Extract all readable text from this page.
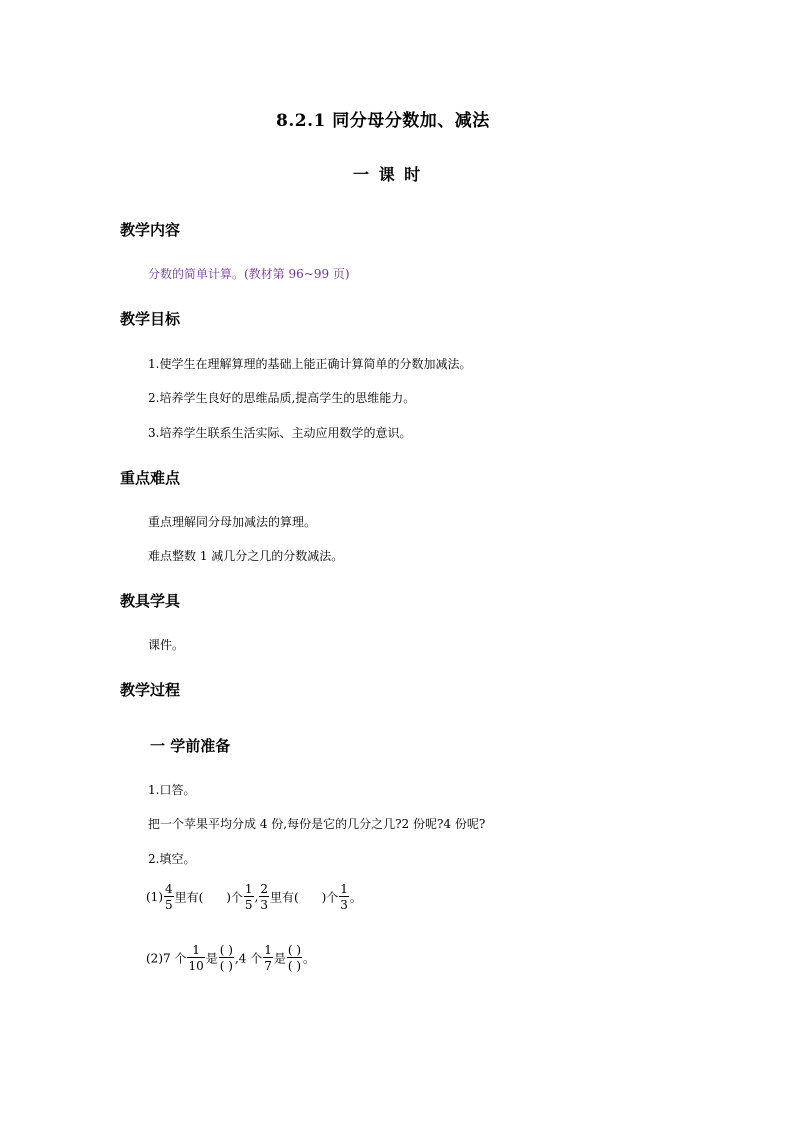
8.2.1 同分母分数加、减法
一 课 时
教学内容
分数的简单计算。(教材第 96~99 页)
教学目标
1.使学生在理解算理的基础上能正确计算简单的分数加减法。
2.培养学生良好的思维品质,提高学生的思维能力。
3.培养学生联系生活实际、主动应用数学的意识。
重点难点
重点理解同分母加减法的算理。
难点整数 1 减几分之几的分数减法。
教具学具
课件。
教学过程
一 学前准备
1.口答。
把一个苹果平均分成 4 份,每份是它的几分之几?2 份呢?4 份呢?
2.填空。
$(1) \frac{4}{5}$ 里有(      )个 $\frac{1}{5}$ , $\frac{2}{3}$ 里有(      )个 $\frac{1}{3}$ 。
(2)7 个 $\frac{1}{10}$ 是 $\frac{( )}{( )} ,4$ 个 $\frac{1}{7}$ 是 $\frac{( )}{( )}$ 。
